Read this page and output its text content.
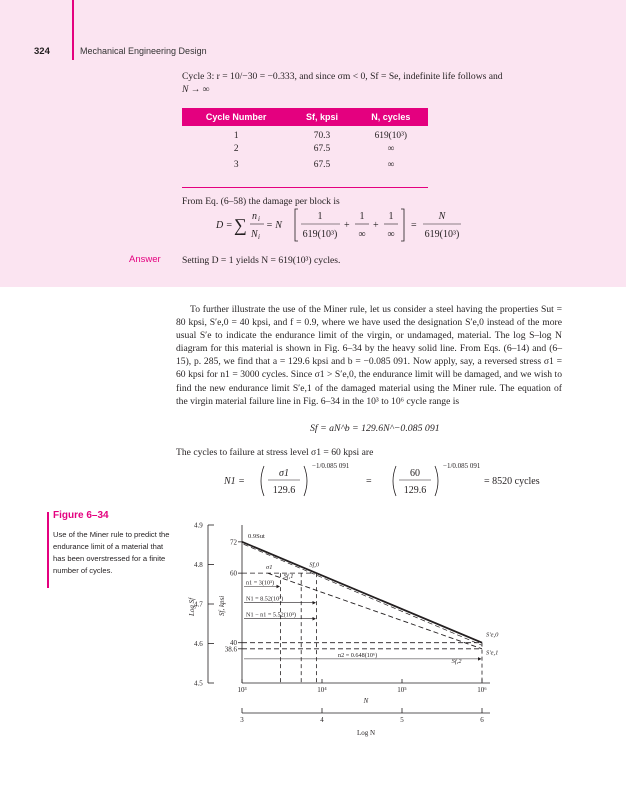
324	Mechanical Engineering Design
Cycle 3: r = 10/−30 = −0.333, and since σm < 0, Sf = Se, indefinite life follows and
N → ∞
Cycle Number	Sf, kpsi	N, cycles
1	70.3	619(10³)
2	67.5	∞
3	67.5	∞
From Eq. (6–58) the damage per block is
D = ∑ n i
N i
= N
1
619(10³)
+
1
∞
+
1
∞
=
N
619(10³)
Answer Setting D = 1 yields N = 619(10³) cycles.
To further illustrate the use of the Miner rule, let us consider a steel having the properties Sut = 80 kpsi, S′e,0 = 40 kpsi, and f = 0.9, where we have used the designation S′e,0 instead of the more usual S′e to indicate the endurance limit of the virgin, or undamaged, material. The log S–log N diagram for this material is shown in Fig. 6–34 by the heavy solid line. From Eqs. (6–14) and (6–15), p. 285, we find that a = 129.6 kpsi and b = −0.085 091. Now apply, say, a reversed stress σ1 = 60 kpsi for n1 = 3000 cycles. Since σ1 > S′e,0, the endurance limit will be damaged, and we wish to find the new endurance limit S′e,1 of the damaged material using the Miner rule. The equation of the virgin material failure line in Fig. 6–34 in the 10³ to 10⁶ cycle range is
Sf = aN^b = 129.6N^−0.085 091
The cycles to failure at stress level σ1 = 60 kpsi are
N1 =
σ1
129.6
−1/0.085 091
=
60
129.6
−1/0.085 091
= 8520 cycles
Figure 6–34
Use of the Miner rule to predict the endurance limit of a material that has been overstressed for a finite number of cycles.
4.5
4.6
4.7
4.8
4.9
Log Sf
38.6
40
60
72
Sf, kpsi
10³	10⁴	10⁵	10⁶
N
3	4	5	6
Log N
0.9Sut
σ1	Sf,0
Sf,1
Sf,2
S′e,0
S′e,1
n1 = 3(10³)
N1 = 8.52(10³)
N1 − n1 = 5.52(10³)
n2 = 0.648(10⁶)
